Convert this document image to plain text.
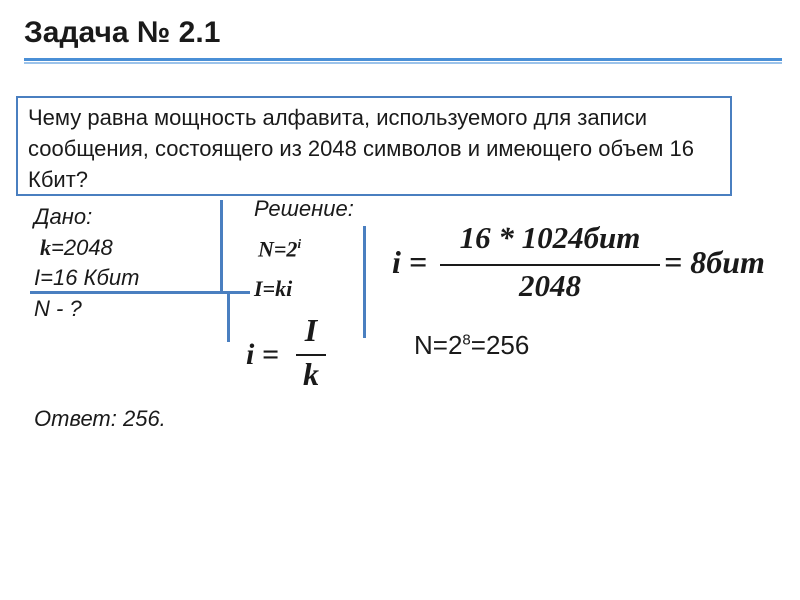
Задача № 2.1
Чему равна мощность алфавита, используемого для записи сообщения, состоящего из 2048 символов и имеющего объем 16 Кбит?
Дано:
k=2048
I=16 Кбит
N - ?
Решение:
$N=2^i$
I=ki
i =
I
k
i =
16 * 1024бит
2048
= 8бит
$N=2^8=256$
Ответ: 256.
